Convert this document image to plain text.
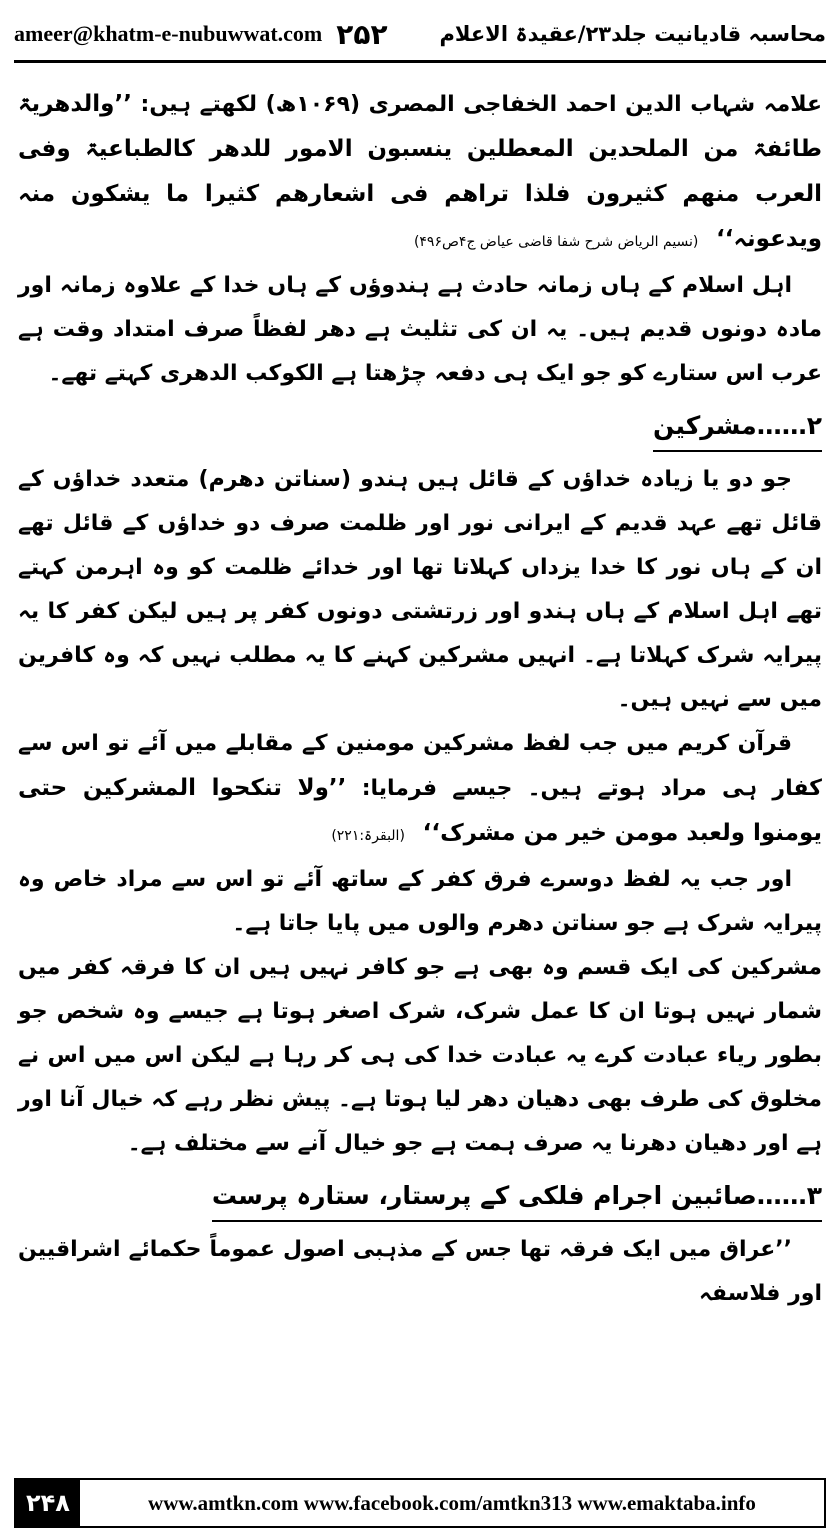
ameer@khatm-e-nubuwwat.com ۲۵۲ محاسبہ قادیانیت جلد۲۳/عقیدۃ الاعلام

علامہ شہاب الدین احمد الخفاجی المصری (۱۰۶۹ھ) لکھتے ہیں: ’’والدھریۃ طائفۃ من الملحدین المعطلین ینسبون الامور للدھر کالطباعیۃ وفی العرب منھم کثیرون فلذا تراھم فی اشعارھم کثیرا ما یشکون منہ ویدعونہ‘‘ (نسیم الریاض شرح شفا قاضی عیاض ج۴ص۴۹۶)

اہل اسلام کے ہاں زمانہ حادث ہے ہندوؤں کے ہاں خدا کے علاوہ زمانہ اور مادہ دونوں قدیم ہیں۔ یہ ان کی تثلیث ہے دھر لفظاً صرف امتداد وقت ہے عرب اس ستارے کو جو ایک ہی دفعہ چڑھتا ہے الکوکب الدھری کہتے تھے۔

۲……مشرکین

جو دو یا زیادہ خداؤں کے قائل ہیں ہندو (سناتن دھرم) متعدد خداؤں کے قائل تھے عہد قدیم کے ایرانی نور اور ظلمت صرف دو خداؤں کے قائل تھے ان کے ہاں نور کا خدا یزداں کہلاتا تھا اور خدائے ظلمت کو وہ اہرمن کہتے تھے اہل اسلام کے ہاں ہندو اور زرتشتی دونوں کفر پر ہیں لیکن کفر کا یہ پیرایہ شرک کہلاتا ہے۔ انہیں مشرکین کہنے کا یہ مطلب نہیں کہ وہ کافرین میں سے نہیں ہیں۔

قرآن کریم میں جب لفظ مشرکین مومنین کے مقابلے میں آئے تو اس سے کفار ہی مراد ہوتے ہیں۔ جیسے فرمایا: ’’ولا تنکحوا المشرکین حتی یومنوا ولعبد مومن خیر من مشرک‘‘ (البقرۃ:۲۲۱)

اور جب یہ لفظ دوسرے فرق کفر کے ساتھ آئے تو اس سے مراد خاص وہ پیرایہ شرک ہے جو سناتن دھرم والوں میں پایا جاتا ہے۔

مشرکین کی ایک قسم وہ بھی ہے جو کافر نہیں ہیں ان کا فرقہ کفر میں شمار نہیں ہوتا ان کا عمل شرک، شرک اصغر ہوتا ہے جیسے وہ شخص جو بطور ریاء عبادت کرے یہ عبادت خدا کی ہی کر رہا ہے لیکن اس میں اس نے مخلوق کی طرف بھی دھیان دھر لیا ہوتا ہے۔ پیش نظر رہے کہ خیال آنا اور ہے اور دھیان دھرنا یہ صرف ہمت ہے جو خیال آنے سے مختلف ہے۔

۳……صائبین اجرام فلکی کے پرستار، ستارہ پرست

’’عراق میں ایک فرقہ تھا جس کے مذہبی اصول عموماً حکمائے اشراقیین اور فلاسفہ

۲۴۸	www.amtkn.com www.facebook.com/amtkn313 www.emaktaba.info
